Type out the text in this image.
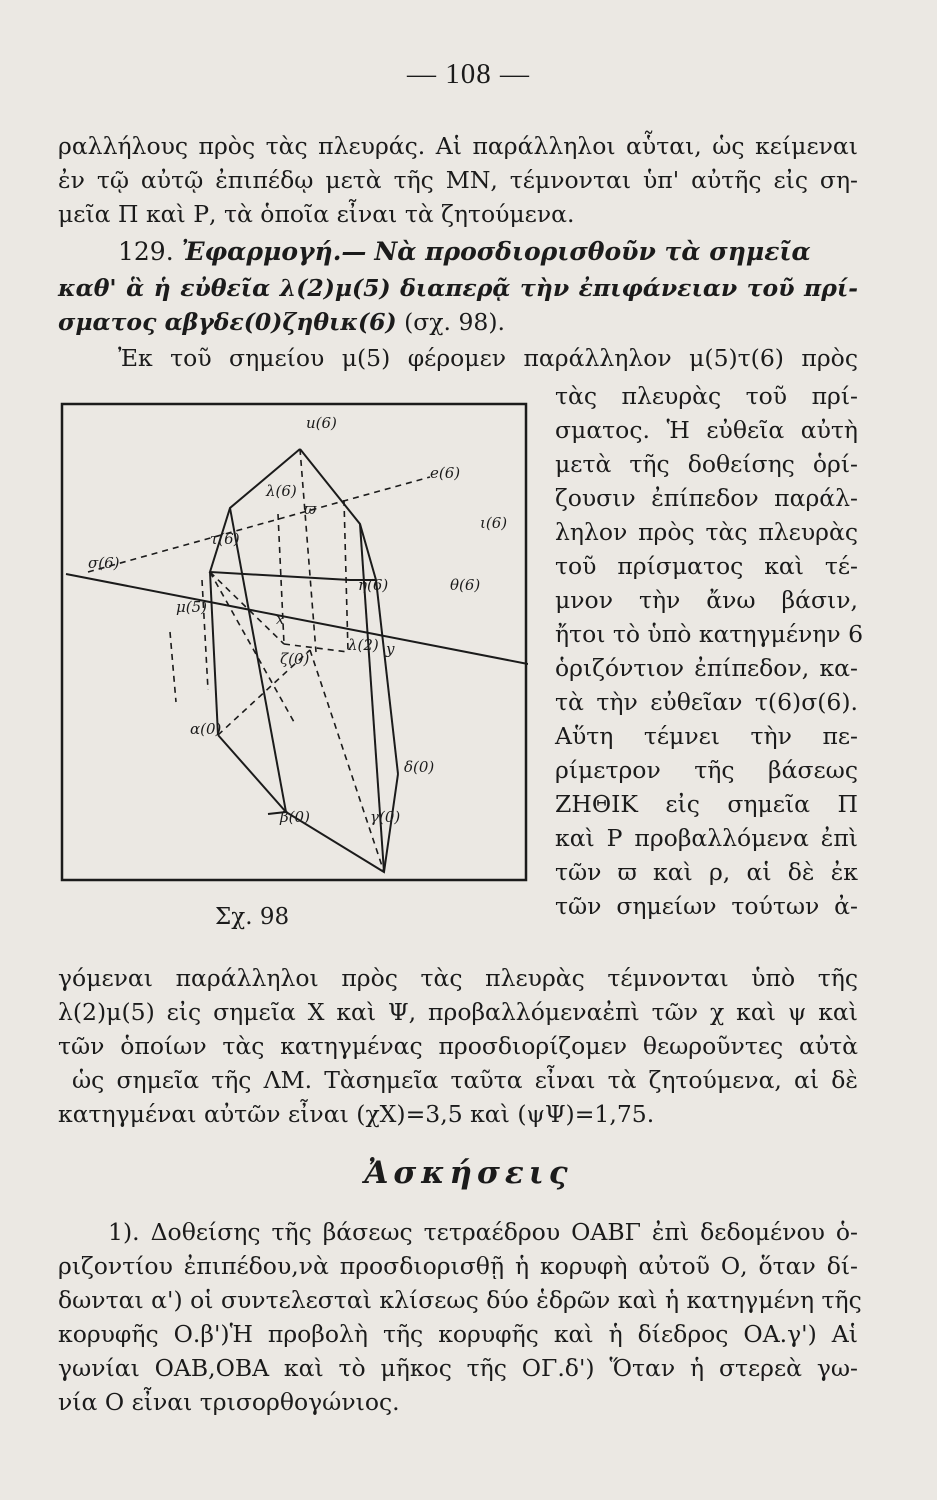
— 108 —
ραλλήλους πρὸς τὰς πλευράς. Αἱ παράλληλοι αὗται, ὡς κείμεναι
ἐν τῷ αὐτῷ ἐπιπέδῳ μετὰ τῆς ΜΝ, τέμνονται ὑπ' αὐτῆς εἰς ση-
μεῖα Π καὶ Ρ, τὰ ὁποῖα εἶναι τὰ ζητούμενα.
129. Ἐφαρμογή.— Νὰ προσδιορισθοῦν τὰ σημεῖα
καθ' ἃ ἡ εὐθεῖα λ(2)μ(5) διαπερᾷ τὴν ἐπιφάνειαν τοῦ πρί-
σματος αβγδε(0)ζηθικ(6) (σχ. 98).
Ἐκ τοῦ σημείου μ(5) φέρομεν παράλληλον μ(5)τ(6) πρὸς
τὰς πλευρὰς τοῦ πρί-
σματος. Ἡ εὐθεῖα αὐτὴ
μετὰ τῆς δοθείσης ὁρί-
ζουσιν ἐπίπεδον παράλ-
ληλον πρὸς τὰς πλευρὰς
τοῦ πρίσματος καὶ τέ-
μνον τὴν ἄνω βάσιν,
ἤτοι τὸ ὑπὸ κατηγμένην 6
ὁριζόντιον ἐπίπεδον, κα-
τὰ τὴν εὐθεῖαν τ(6)σ(6).
Αὕτη τέμνει τὴν πε-
ρίμετρον τῆς βάσεως
ΖΗΘΙΚ εἰς σημεῖα Π
καὶ Ρ προβαλλόμενα ἐπὶ
τῶν ϖ καὶ ρ, αἱ δὲ ἐκ
τῶν σημείων τούτων ἀ-
u(6)
e(6)
ι(6)
λ(6)
τ(6)
σ(6)
ϖ
η(6)	θ(6)
μ(5)
x
ζ(0)
λ(2) y
α(0)
δ(0)
β(0)	γ(0)
Σχ. 98
γόμεναι παράλληλοι πρὸς τὰς πλευρὰς τέμνονται ὑπὸ τῆς
λ(2)μ(5) εἰς σημεῖα Χ καὶ Ψ, προβαλλόμεναἐπὶ τῶν χ καὶ ψ καὶ
τῶν ὁποίων τὰς κατηγμένας προσδιορίζομεν θεωροῦντες αὐτὰ
ὡς σημεῖα τῆς ΛΜ. Τὰσημεῖα ταῦτα εἶναι τὰ ζητούμενα, αἱ δὲ
κατηγμέναι αὐτῶν εἶναι (χΧ)=3,5 καὶ (ψΨ)=1,75.
Ἀσκήσεις
1). Δοθείσης τῆς βάσεως τετραέδρου ΟΑΒΓ ἐπὶ δεδομένου ὁ-
ριζοντίου ἐπιπέδου,νὰ προσδιορισθῇ ἡ κορυφὴ αὐτοῦ Ο, ὅταν δί-
δωνται α') οἱ συντελεσταὶ κλίσεως δύο ἑδρῶν καὶ ἡ κατηγμένη τῆς
κορυφῆς Ο.β')Ἡ προβολὴ τῆς κορυφῆς καὶ ἡ δίεδρος ΟΑ.γ') Αἱ
γωνίαι ΟΑΒ,ΟΒΑ καὶ τὸ μῆκος τῆς ΟΓ.δ') Ὅταν ἡ στερεὰ γω-
νία Ο εἶναι τρισορθογώνιος.
